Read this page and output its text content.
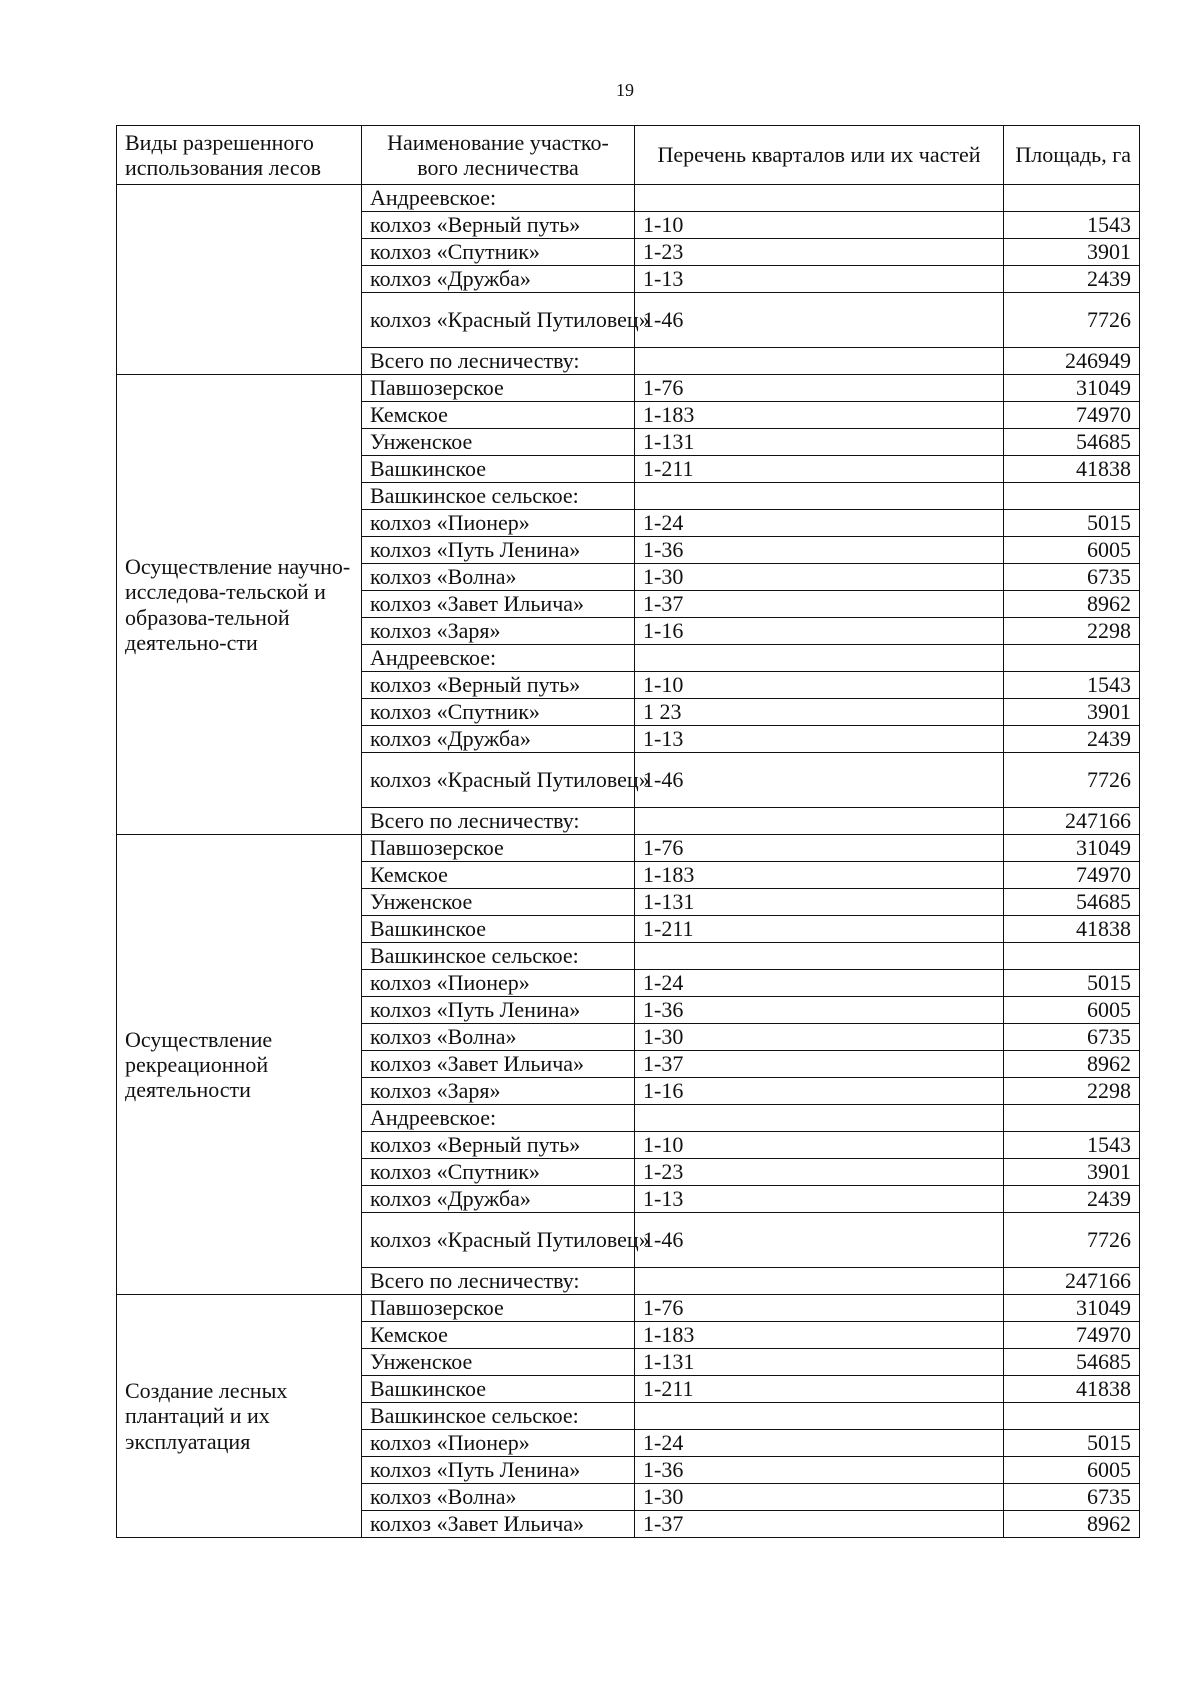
19
Виды разрешенного использования лесов	Наименование участко-вого лесничества	Перечень кварталов или их частей	Площадь, га
	Андреевское:		
	колхоз «Верный путь»	1-10	1543
	колхоз «Спутник»	1-23	3901
	колхоз «Дружба»	1-13	2439
	колхоз «Красный Путиловец»	1-46	7726
	Всего по лесничеству:		246949
Осуществление научно-исследова-тельской и образова-тельной деятельно-сти	Павшозерское	1-76	31049
	Кемское	1-183	74970
	Унженское	1-131	54685
	Вашкинское	1-211	41838
	Вашкинское сельское:		
	колхоз «Пионер»	1-24	5015
	колхоз «Путь Ленина»	1-36	6005
	колхоз «Волна»	1-30	6735
	колхоз «Завет Ильича»	1-37	8962
	колхоз «Заря»	1-16	2298
	Андреевское:		
	колхоз «Верный путь»	1-10	1543
	колхоз «Спутник»	1 23	3901
	колхоз «Дружба»	1-13	2439
	колхоз «Красный Путиловец»	1-46	7726
	Всего по лесничеству:		247166
Осуществление рекреационной деятельности	Павшозерское	1-76	31049
	Кемское	1-183	74970
	Унженское	1-131	54685
	Вашкинское	1-211	41838
	Вашкинское сельское:		
	колхоз «Пионер»	1-24	5015
	колхоз «Путь Ленина»	1-36	6005
	колхоз «Волна»	1-30	6735
	колхоз «Завет Ильича»	1-37	8962
	колхоз «Заря»	1-16	2298
	Андреевское:		
	колхоз «Верный путь»	1-10	1543
	колхоз «Спутник»	1-23	3901
	колхоз «Дружба»	1-13	2439
	колхоз «Красный Путиловец»	1-46	7726
	Всего по лесничеству:		247166
Создание лесных плантаций и их эксплуатация	Павшозерское	1-76	31049
	Кемское	1-183	74970
	Унженское	1-131	54685
	Вашкинское	1-211	41838
	Вашкинское сельское:		
	колхоз «Пионер»	1-24	5015
	колхоз «Путь Ленина»	1-36	6005
	колхоз «Волна»	1-30	6735
	колхоз «Завет Ильича»	1-37	8962
